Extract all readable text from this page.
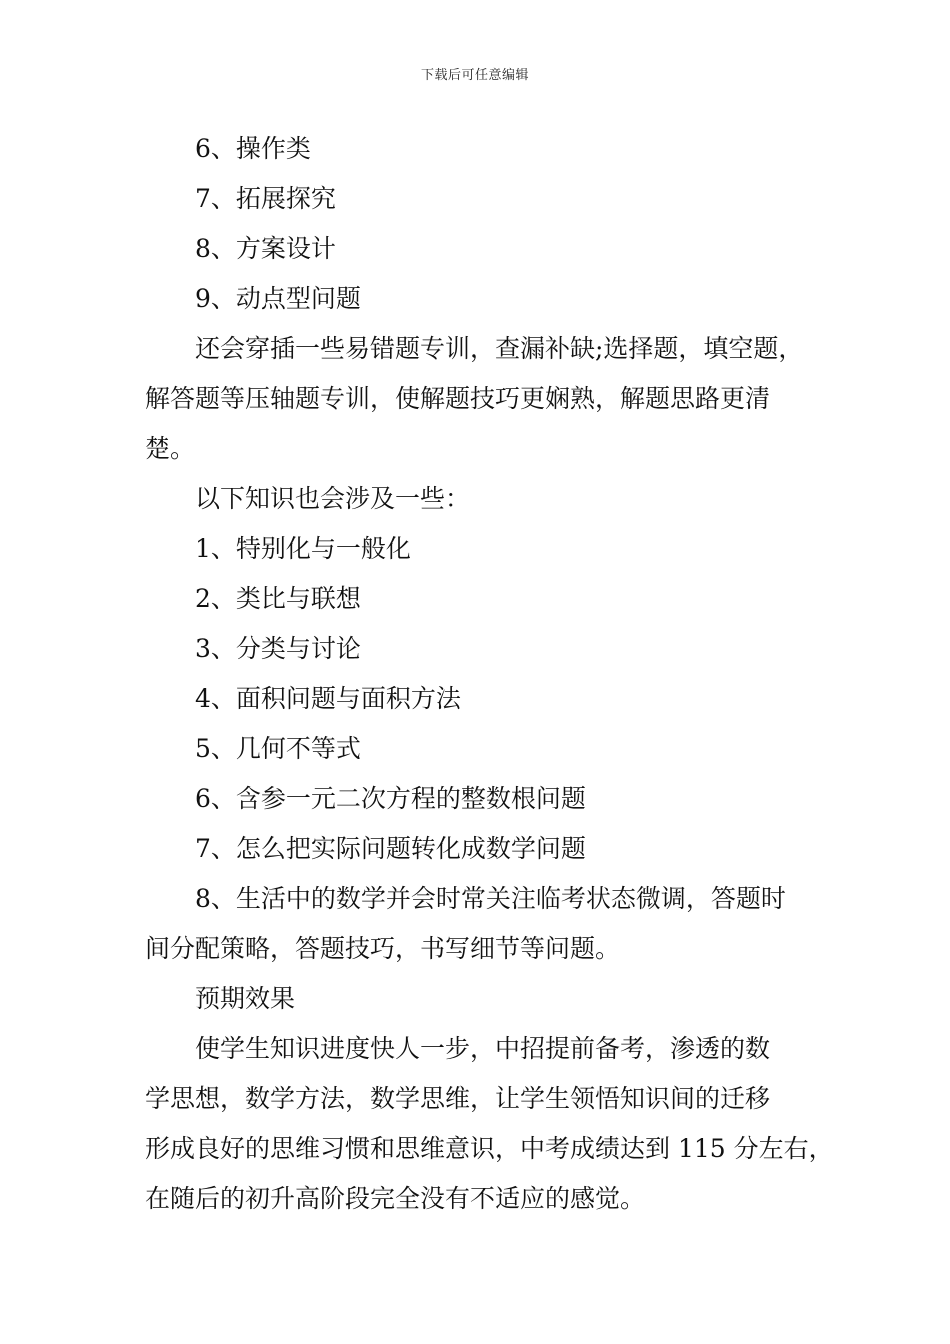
下载后可任意编辑
6、操作类
7、拓展探究
8、方案设计
9、动点型问题
还会穿插一些易错题专训，查漏补缺;选择题，填空题，
解答题等压轴题专训，使解题技巧更娴熟，解题思路更清
楚。
以下知识也会涉及一些：
1、特别化与一般化
2、类比与联想
3、分类与讨论
4、面积问题与面积方法
5、几何不等式
6、含参一元二次方程的整数根问题
7、怎么把实际问题转化成数学问题
8、生活中的数学并会时常关注临考状态微调，答题时
间分配策略，答题技巧，书写细节等问题。
预期效果
使学生知识进度快人一步，中招提前备考，渗透的数
学思想，数学方法，数学思维，让学生领悟知识间的迁移
形成良好的思维习惯和思维意识，中考成绩达到 115 分左右，
在随后的初升高阶段完全没有不适应的感觉。
